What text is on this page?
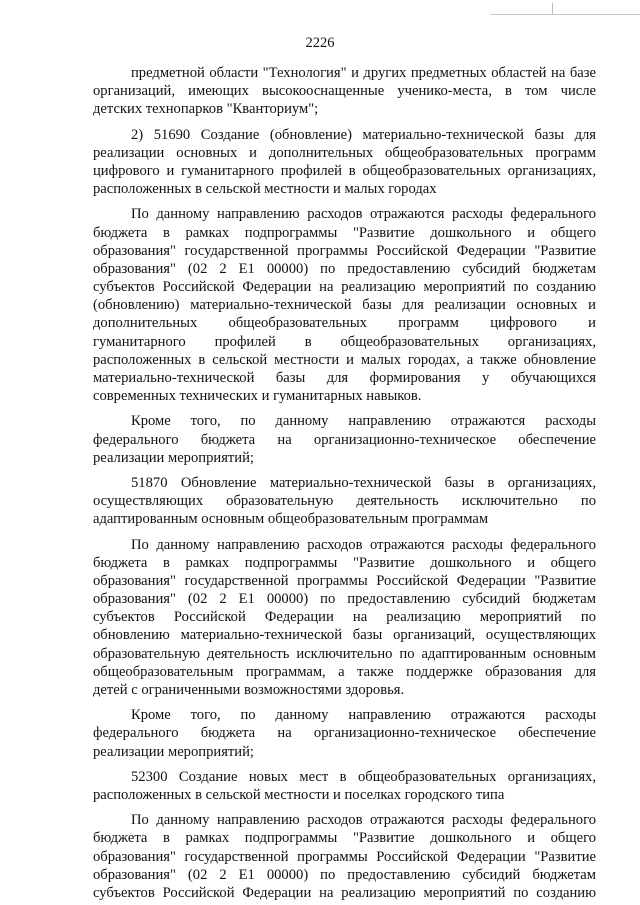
2226
предметной области "Технология" и других предметных областей на базе
организаций, имеющих высокооснащенные ученико-места, в том числе
детских технопарков "Кванториум";
2) 51690 Создание (обновление) материально-технической базы для
реализации основных и дополнительных общеобразовательных программ
цифрового и гуманитарного профилей в общеобразовательных организациях,
расположенных в сельской местности и малых городах
По данному направлению расходов отражаются расходы федерального
бюджета в рамках подпрограммы "Развитие дошкольного и общего
образования" государственной программы Российской Федерации "Развитие
образования" (02 2 Е1 00000) по предоставлению субсидий бюджетам
субъектов Российской Федерации на реализацию мероприятий по созданию
(обновлению) материально-технической базы для реализации основных и
дополнительных общеобразовательных программ цифрового и
гуманитарного профилей в общеобразовательных организациях,
расположенных в сельской местности и малых городах, а также обновление
материально-технической базы для формирования у обучающихся
современных технических и гуманитарных навыков.
Кроме того, по данному направлению отражаются расходы
федерального бюджета на организационно-техническое обеспечение
реализации мероприятий;
51870 Обновление материально-технической базы в организациях,
осуществляющих образовательную деятельность исключительно по
адаптированным основным общеобразовательным программам
По данному направлению расходов отражаются расходы федерального
бюджета в рамках подпрограммы "Развитие дошкольного и общего
образования" государственной программы Российской Федерации "Развитие
образования" (02 2 Е1 00000) по предоставлению субсидий бюджетам
субъектов Российской Федерации на реализацию мероприятий по
обновлению материально-технической базы организаций, осуществляющих
образовательную деятельность исключительно по адаптированным основным
общеобразовательным программам, а также поддержке образования для
детей с ограниченными возможностями здоровья.
Кроме того, по данному направлению отражаются расходы
федерального бюджета на организационно-техническое обеспечение
реализации мероприятий;
52300 Создание новых мест в общеобразовательных организациях,
расположенных в сельской местности и поселках городского типа
По данному направлению расходов отражаются расходы федерального
бюджета в рамках подпрограммы "Развитие дошкольного и общего
образования" государственной программы Российской Федерации "Развитие
образования" (02 2 Е1 00000) по предоставлению субсидий бюджетам
субъектов Российской Федерации на реализацию мероприятий по созданию
